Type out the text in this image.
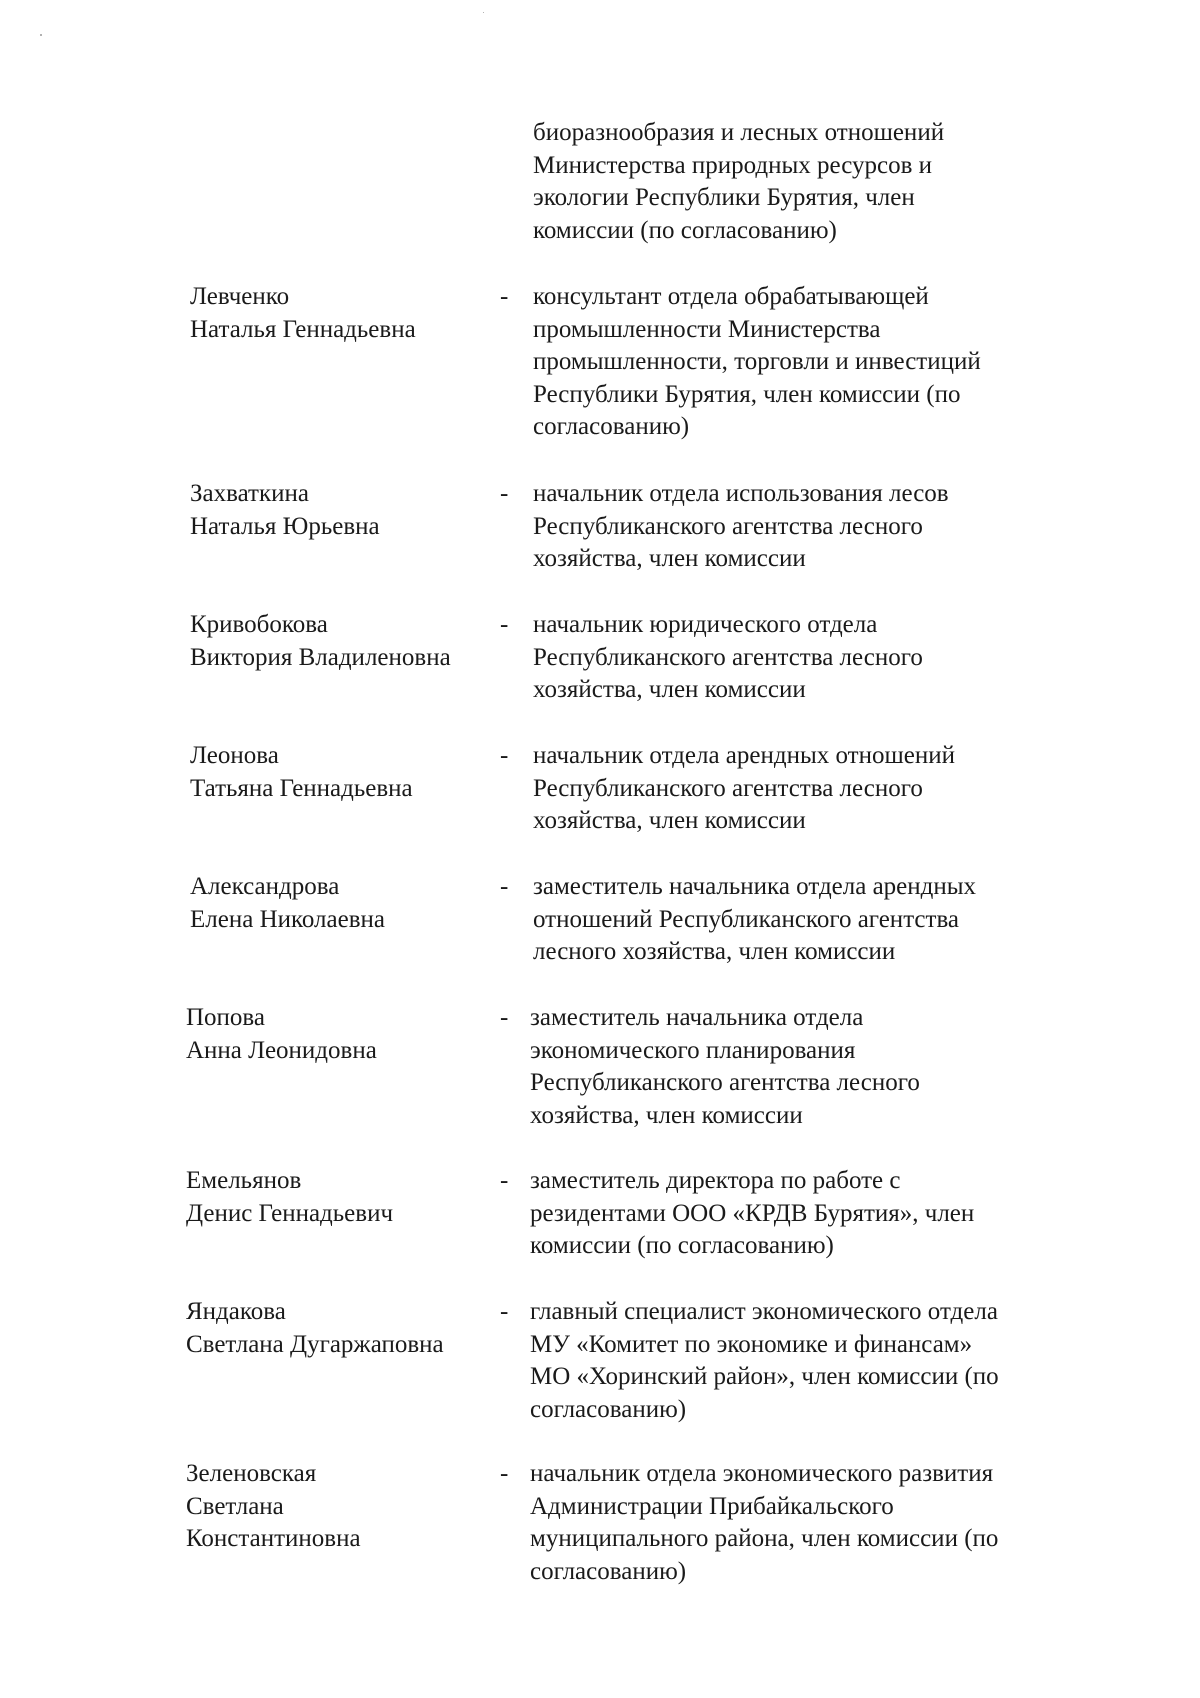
биоразнообразия и лесных отношений
Министерства природных ресурсов и
экологии Республики Бурятия, член
комиссии (по согласованию)
Левченко
Наталья Геннадьевна
- консультант отдела обрабатывающей
промышленности Министерства
промышленности, торговли и инвестиций
Республики Бурятия, член комиссии (по
согласованию)
Захваткина
Наталья Юрьевна
- начальник отдела использования лесов
Республиканского агентства лесного
хозяйства, член комиссии
Кривобокова
Виктория Владиленовна
- начальник юридического отдела
Республиканского агентства лесного
хозяйства, член комиссии
Леонова
Татьяна Геннадьевна
- начальник отдела арендных отношений
Республиканского агентства лесного
хозяйства, член комиссии
Александрова
Елена Николаевна
- заместитель начальника отдела арендных
отношений Республиканского агентства
лесного хозяйства, член комиссии
Попова
Анна Леонидовна
- заместитель начальника отдела
экономического планирования
Республиканского агентства лесного
хозяйства, член комиссии
Емельянов
Денис Геннадьевич
- заместитель директора по работе с
резидентами ООО «КРДВ Бурятия», член
комиссии (по согласованию)
Яндакова
Светлана Дугаржаповна
- главный специалист экономического отдела
МУ «Комитет по экономике и финансам»
МО «Хоринский район», член комиссии (по
согласованию)
Зеленовская
Светлана
Константиновна
- начальник отдела экономического развития
Администрации Прибайкальского
муниципального района, член комиссии (по
согласованию)
